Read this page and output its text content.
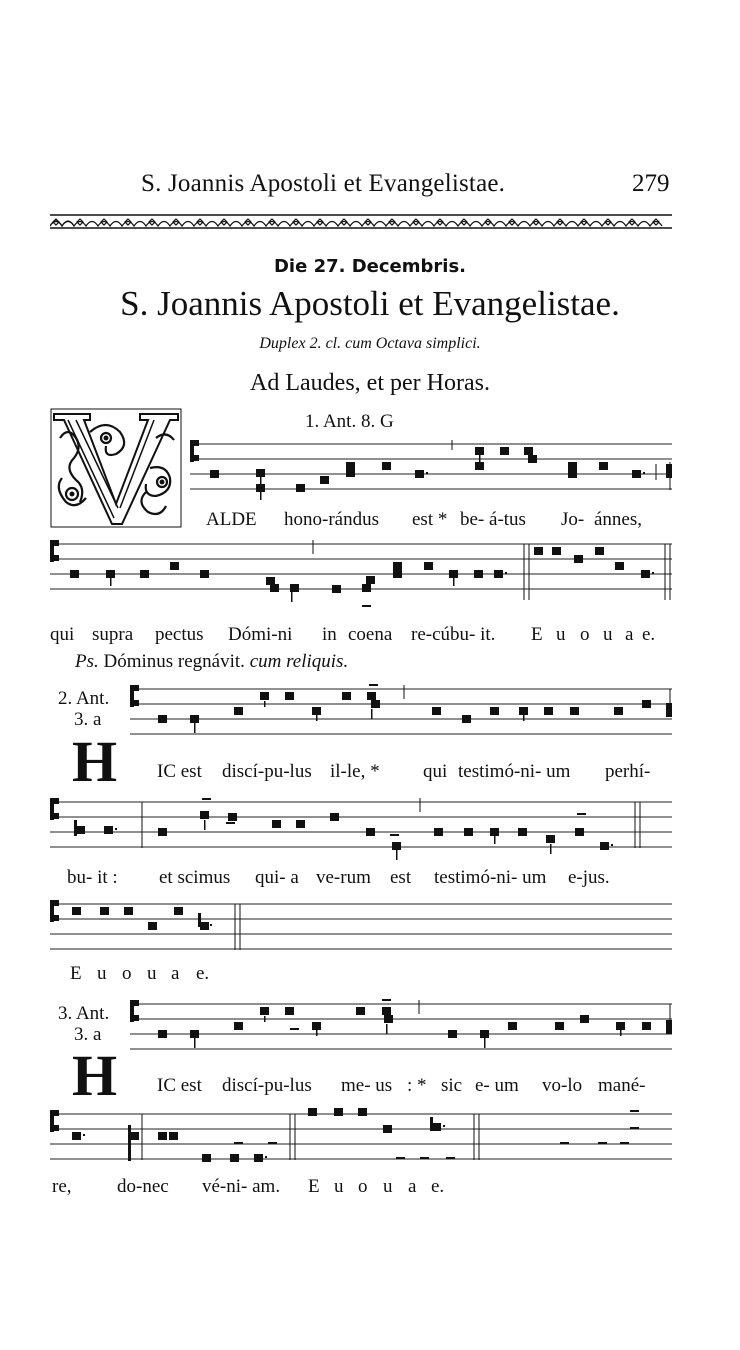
S. Joannis Apostoli et Evangelistae.	279
Die 27. Decembris.
S. Joannis Apostoli et Evangelistae.
Duplex 2. cl. cum Octava simplici.
Ad Laudes, et per Horas.
1. Ant. 8. G
ALDE hono-rándus est * be- á-tus Jo- ánnes,
qui supra pectus Dómi-ni in coena re-cúbu- it. E u o u a e.
Ps. Dóminus regnávit. cum reliquis.
2. Ant.
3. a
H IC est discí-pu-lus il-le, * qui testimó-ni- um perhí-
bu- it : et scimus qui- a ve-rum est testimó-ni- um e-jus.
E u o u a e.
3. Ant.
3. a
H IC est discí-pu-lus me- us : * sic e- um vo-lo mané-
re, do-nec vé-ni- am. E u o u a e.
